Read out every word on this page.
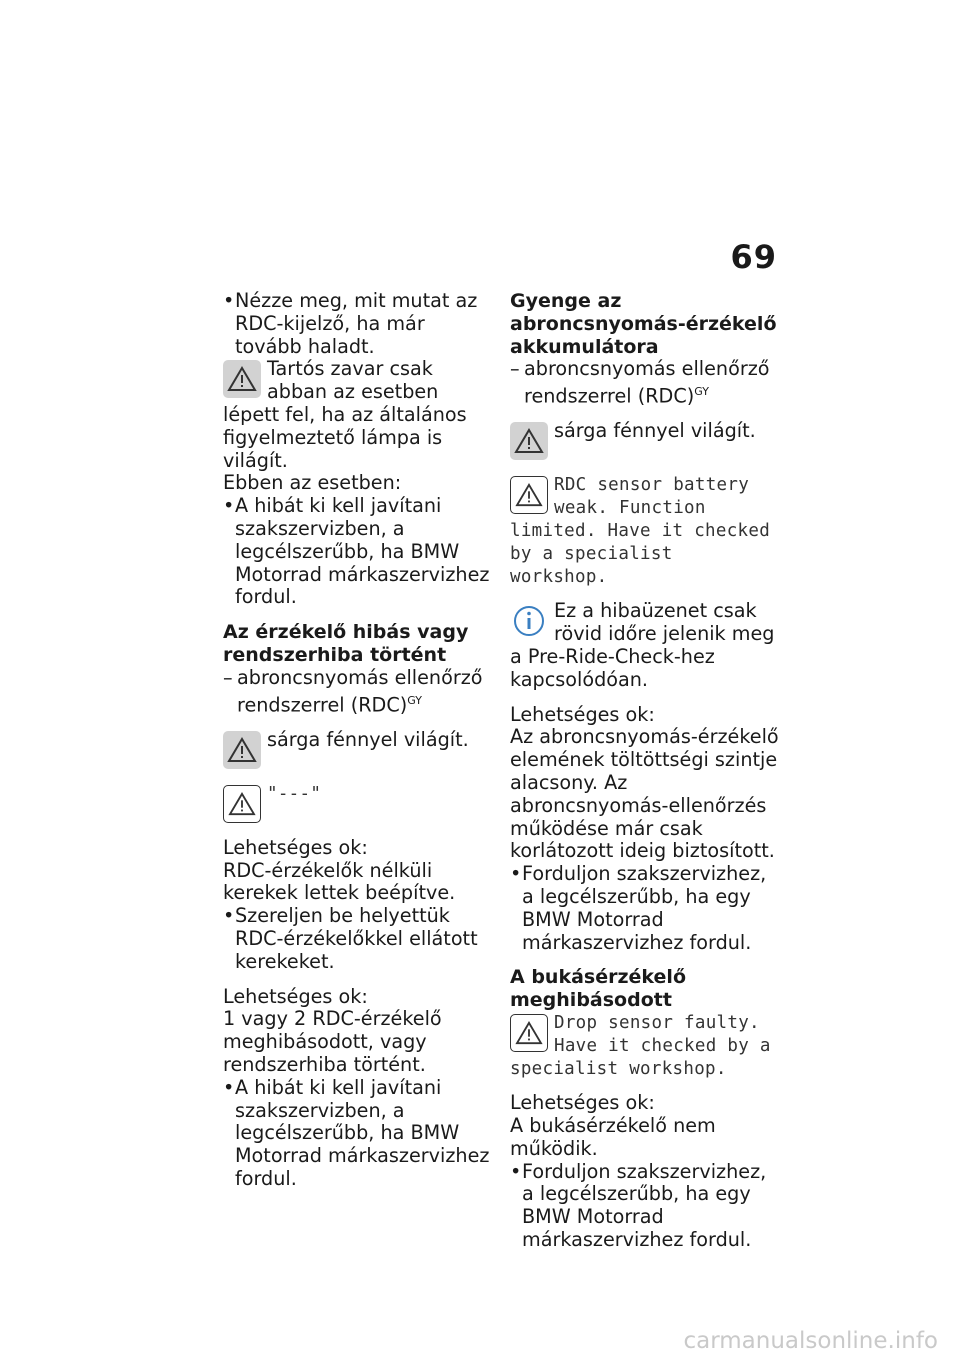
69

• Nézze meg, mit mutat az RDC-kijelző, ha már tovább haladt.

Tartós zavar csak abban az esetben lépett fel, ha az általános figyelmeztető lámpa is világít.

Ebben az esetben:

• A hibát ki kell javítani szakszervizben, a legcélszerűbb, ha BMW Motorrad márkaszervizhez fordul.

Az érzékelő hibás vagy rendszerhiba történt

– abroncsnyomás ellenőrző rendszerrel (RDC)$^{GY}$

sárga fénnyel világít.

"---"

Lehetséges ok:

RDC-érzékelők nélküli kerekek lettek beépítve.

• Szereljen be helyettük RDC-érzékelőkkel ellátott kerekeket.

Lehetséges ok:

1 vagy 2 RDC-érzékelő meghibásodott, vagy rendszerhiba történt.

• A hibát ki kell javítani szakszervizben, a legcélszerűbb, ha BMW Motorrad márkaszervizhez fordul.

Gyenge az abroncsnyomás-érzékelő akkumulátora

– abroncsnyomás ellenőrző rendszerrel (RDC)$^{GY}$

sárga fénnyel világít.

RDC sensor battery weak. Function limited. Have it checked by a specialist workshop.

Ez a hibaüzenet csak rövid időre jelenik meg a Pre-Ride-Check-hez kapcsolódóan.

Lehetséges ok:

Az abroncsnyomás-érzékelő elemének töltöttségi szintje alacsony. Az abroncsnyomás-ellenőrzés működése már csak korlátozott ideig biztosított.

• Forduljon szakszervizhez, a legcélszerűbb, ha egy BMW Motorrad márkaszervizhez fordul.

A bukásérzékelő meghibásodott

Drop sensor faulty. Have it checked by a specialist workshop.

Lehetséges ok:

A bukásérzékelő nem működik.

• Forduljon szakszervizhez, a legcélszerűbb, ha egy BMW Motorrad márkaszervizhez fordul.

carmanualsonline.info
